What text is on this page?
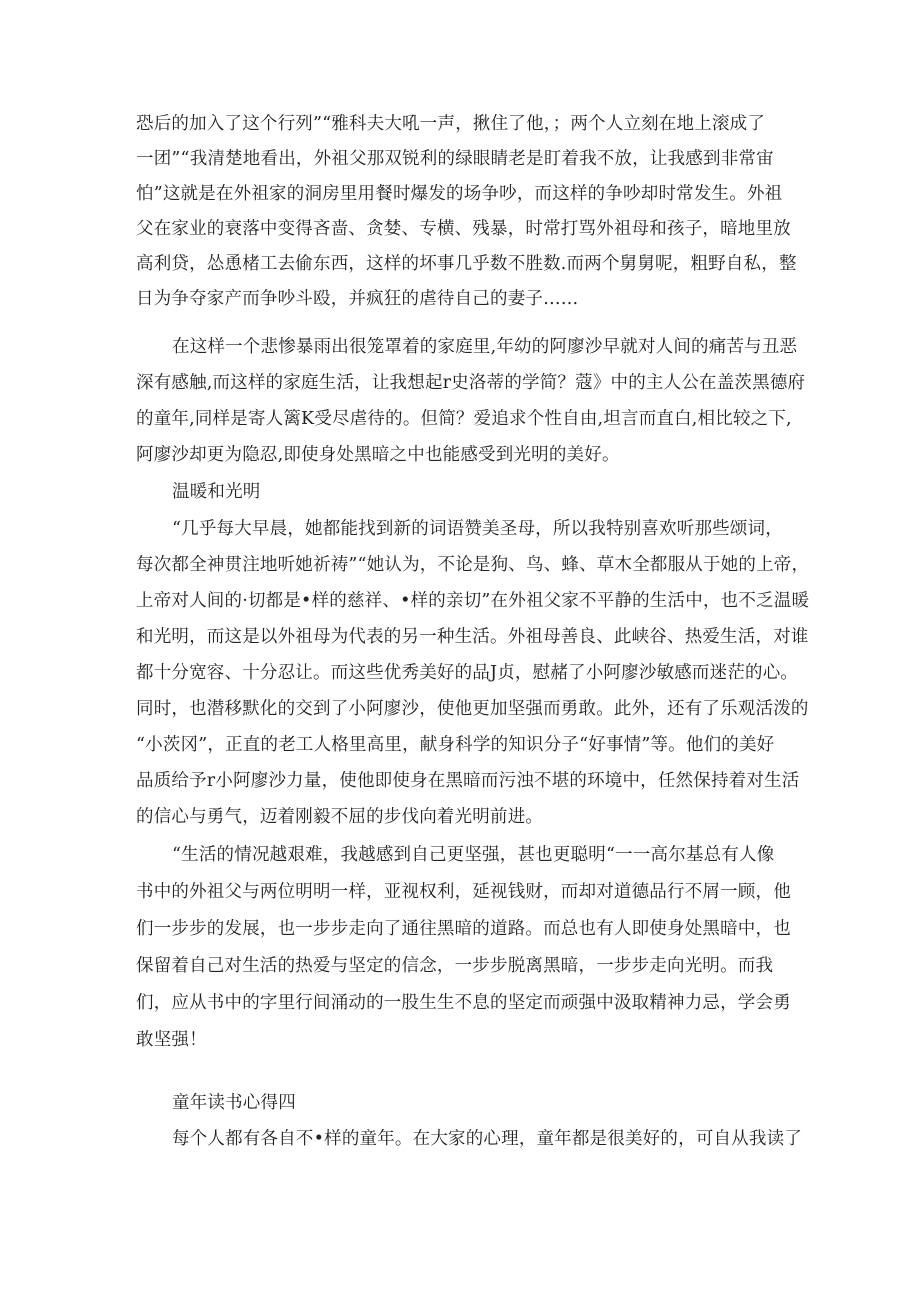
恐后的加入了这个行列”“雅科夫大吼一声，揪住了他，；两个人立刻在地上滚成了
一团”“我清楚地看出，外祖父那双锐利的绿眼睛老是盯着我不放，让我感到非常宙
怕”这就是在外祖家的洞房里用餐时爆发的场争吵，而这样的争吵却时常发生。外祖
父在家业的衰落中变得吝啬、贪婪、专横、残暴，时常打骂外祖母和孩子，暗地里放
高利贷，怂恿楮工去偷东西，这样的坏事几乎数不胜数.而两个舅舅呢，粗野自私，整
日为争夺家产而争吵斗殴，并疯狂的虐待自己的妻子……
在这样一个悲惨暴雨出很笼罩着的家庭里,年幼的阿廖沙早就对人间的痛苦与丑恶
深有感触,而这样的家庭生活，让我想起r史洛蒂的学简？蔻》中的主人公在盖茨黑德府
的童年,同样是寄人篱K受尽虐待的。但简？爱追求个性自由,坦言而直白,相比较之下,
阿廖沙却更为隐忍,即使身处黑暗之中也能感受到光明的美好。
温暖和光明
“几乎每大早晨，她都能找到新的词语赞美圣母，所以我特别喜欢听那些颂词，
每次都全神贯注地听她祈祷”“她认为，不论是狗、鸟、蜂、草木全都服从于她的上帝，
上帝对人间的·切都是•样的慈祥、•样的亲切”在外祖父家不平静的生活中，也不乏温暖
和光明，而这是以外祖母为代表的另一种生活。外祖母善良、此峡谷、热爱生活，对谁
都十分宽容、十分忍让。而这些优秀美好的品J贞，慰赭了小阿廖沙敏感而迷茫的心。
同时，也潜移默化的交到了小阿廖沙，使他更加坚强而勇敢。此外，还有了乐观活泼的
“小茨冈”，正直的老工人格里高里，献身科学的知识分子“好事情”等。他们的美好
品质给予r小阿廖沙力量，使他即使身在黑暗而污浊不堪的环境中，任然保持着对生活
的信心与勇气，迈着刚毅不屈的步伐向着光明前进。
“生活的情况越艰难，我越感到自己更坚强，甚也更聪明“一一高尔基总有人像
书中的外祖父与两位明明一样，亚视权利，延视钱财，而却对道德品行不屑一顾，他
们一步步的发展，也一步步走向了通往黑暗的道路。而总也有人即使身处黑暗中，也
保留着自己对生活的热爱与坚定的信念，一步步脱离黑暗，一步步走向光明。而我
们，应从书中的字里行间涌动的一股生生不息的坚定而顽强中汲取精神力忌，学会勇
敢坚强！
童年读书心得四
每个人都有各自不•样的童年。在大家的心理，童年都是很美好的，可自从我读了
